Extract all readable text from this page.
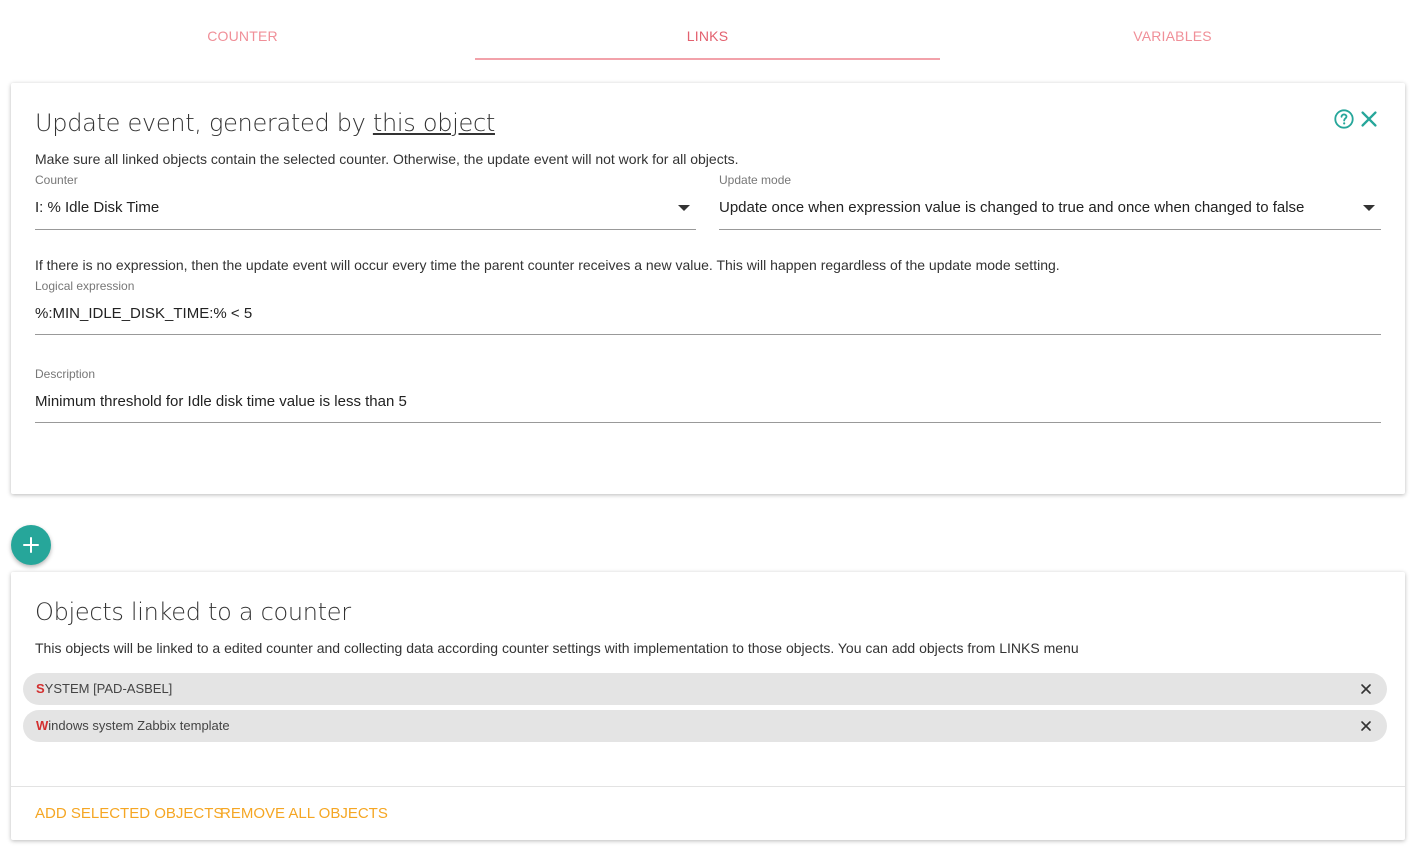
COUNTER	LINKS	VARIABLES
Update event, generated by this object
Make sure all linked objects contain the selected counter. Otherwise, the update event will not work for all objects.
Counter
I: % Idle Disk Time
Update mode
Update once when expression value is changed to true and once when changed to false
If there is no expression, then the update event will occur every time the parent counter receives a new value. This will happen regardless of the update mode setting.
Logical expression
%:MIN_IDLE_DISK_TIME:% < 5
Description
Minimum threshold for Idle disk time value is less than 5
Objects linked to a counter
This objects will be linked to a edited counter and collecting data according counter settings with implementation to those objects. You can add objects from LINKS menu
SYSTEM [PAD-ASBEL]
Windows system Zabbix template
ADD SELECTED OBJECTS
REMOVE ALL OBJECTS
